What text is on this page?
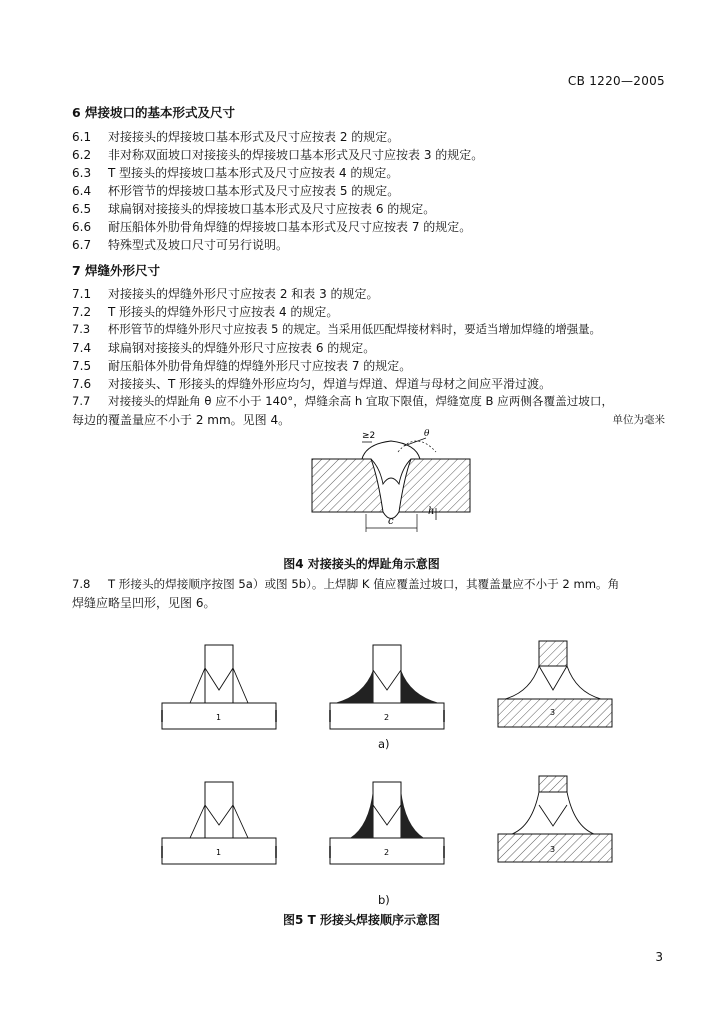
CB 1220—2005
6 焊接坡口的基本形式及尺寸
6.1 对接接头的焊接坡口基本形式及尺寸应按表 2 的规定。
6.2 非对称双面坡口对接接头的焊接坡口基本形式及尺寸应按表 3 的规定。
6.3 T 型接头的焊接坡口基本形式及尺寸应按表 4 的规定。
6.4 杯形管节的焊接坡口基本形式及尺寸应按表 5 的规定。
6.5 球扁钢对接接头的焊接坡口基本形式及尺寸应按表 6 的规定。
6.6 耐压船体外肋骨角焊缝的焊接坡口基本形式及尺寸应按表 7 的规定。
6.7 特殊型式及坡口尺寸可另行说明。
7 焊缝外形尺寸
7.1 对接接头的焊缝外形尺寸应按表 2 和表 3 的规定。
7.2 T 形接头的焊缝外形尺寸应按表 4 的规定。
7.3 杯形管节的焊缝外形尺寸应按表 5 的规定。当采用低匹配焊接材料时，要适当增加焊缝的增强量。
7.4 球扁钢对接接头的焊缝外形尺寸应按表 6 的规定。
7.5 耐压船体外肋骨角焊缝的焊缝外形尺寸应按表 7 的规定。
7.6 对接接头、T 形接头的焊缝外形应均匀，焊道与焊道、焊道与母材之间应平滑过渡。
7.7 对接接头的焊趾角 θ 应不小于 140°，焊缝余高 h 宜取下限值，焊缝宽度 B 应两侧各覆盖过坡口，
每边的覆盖量应不小于 2 mm。见图 4。	单位为毫米
≥2	θ
c
h
1	2
3
1	2	3
图4 对接接头的焊趾角示意图
7.8 T 形接头的焊接顺序按图 5a）或图 5b）。上焊脚 K 值应覆盖过坡口，其覆盖量应不小于 2 mm。角
焊缝应略呈凹形，见图 6。
a)
b)
图5 T 形接头焊接顺序示意图
3
